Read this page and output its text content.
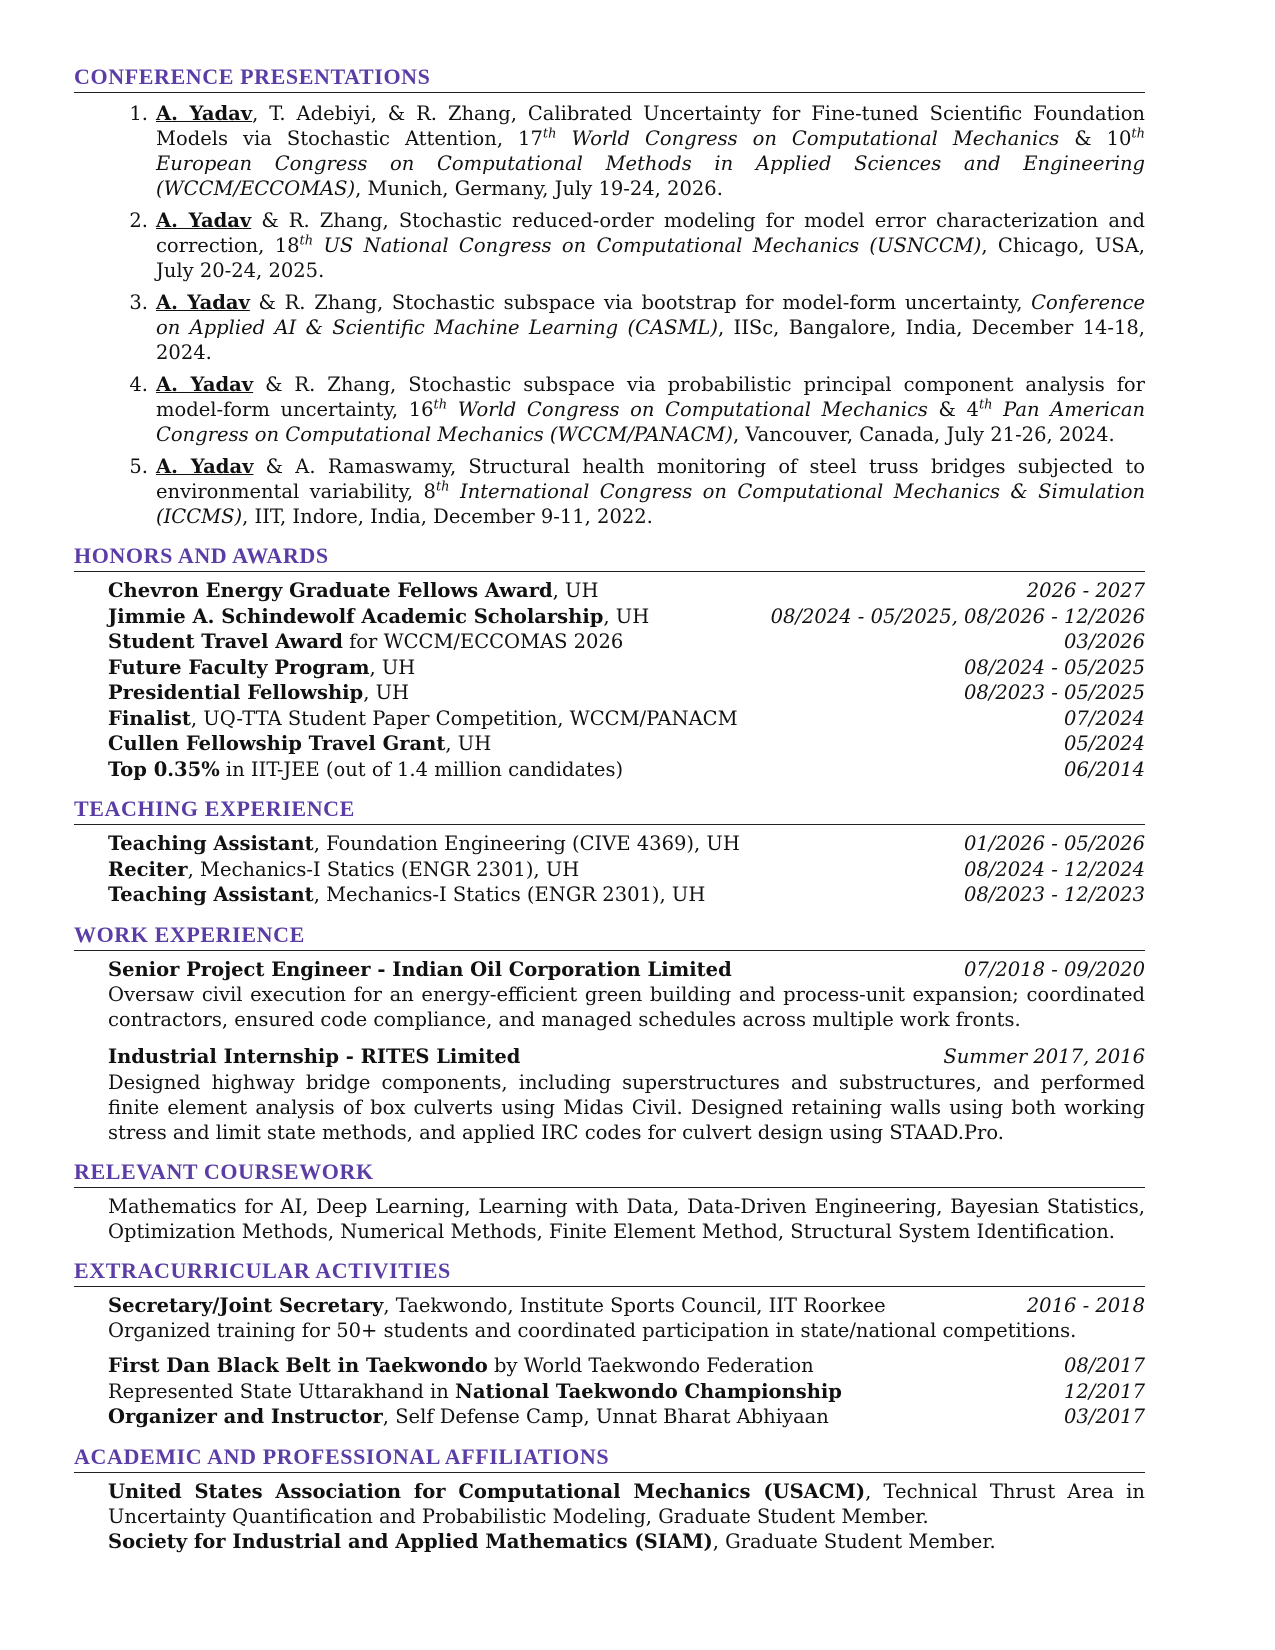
CONFERENCE PRESENTATIONS
1. A. Yadav, T. Adebiyi, & R. Zhang, Calibrated Uncertainty for Fine-tuned Scientific Foundation Models via Stochastic Attention, 17th World Congress on Computational Mechanics & 10th European Congress on Computational Methods in Applied Sciences and Engineering (WCCM/ECCOMAS), Munich, Germany, July 19-24, 2026.
2. A. Yadav & R. Zhang, Stochastic reduced-order modeling for model error characterization and correction, 18th US National Congress on Computational Mechanics (USNCCM), Chicago, USA, July 20-24, 2025.
3. A. Yadav & R. Zhang, Stochastic subspace via bootstrap for model-form uncertainty, Conference on Applied AI & Scientific Machine Learning (CASML), IISc, Bangalore, India, December 14-18, 2024.
4. A. Yadav & R. Zhang, Stochastic subspace via probabilistic principal component analysis for model-form uncertainty, 16th World Congress on Computational Mechanics & 4th Pan American Congress on Computational Mechanics (WCCM/PANACM), Vancouver, Canada, July 21-26, 2024.
5. A. Yadav & A. Ramaswamy, Structural health monitoring of steel truss bridges subjected to environmental variability, 8th International Congress on Computational Mechanics & Simulation (ICCMS), IIT, Indore, India, December 9-11, 2022.
HONORS AND AWARDS
Chevron Energy Graduate Fellows Award, UH	2026 - 2027
Jimmie A. Schindewolf Academic Scholarship, UH	08/2024 - 05/2025, 08/2026 - 12/2026
Student Travel Award for WCCM/ECCOMAS 2026	03/2026
Future Faculty Program, UH	08/2024 - 05/2025
Presidential Fellowship, UH	08/2023 - 05/2025
Finalist, UQ-TTA Student Paper Competition, WCCM/PANACM	07/2024
Cullen Fellowship Travel Grant, UH	05/2024
Top 0.35% in IIT-JEE (out of 1.4 million candidates)	06/2014
TEACHING EXPERIENCE
Teaching Assistant, Foundation Engineering (CIVE 4369), UH	01/2026 - 05/2026
Reciter, Mechanics-I Statics (ENGR 2301), UH	08/2024 - 12/2024
Teaching Assistant, Mechanics-I Statics (ENGR 2301), UH	08/2023 - 12/2023
WORK EXPERIENCE
Senior Project Engineer - Indian Oil Corporation Limited	07/2018 - 09/2020
Oversaw civil execution for an energy-efficient green building and process-unit expansion; coordinated contractors, ensured code compliance, and managed schedules across multiple work fronts.
Industrial Internship - RITES Limited	Summer 2017, 2016
Designed highway bridge components, including superstructures and substructures, and performed finite element analysis of box culverts using Midas Civil. Designed retaining walls using both working stress and limit state methods, and applied IRC codes for culvert design using STAAD.Pro.
RELEVANT COURSEWORK
Mathematics for AI, Deep Learning, Learning with Data, Data-Driven Engineering, Bayesian Statistics, Optimization Methods, Numerical Methods, Finite Element Method, Structural System Identification.
EXTRACURRICULAR ACTIVITIES
Secretary/Joint Secretary, Taekwondo, Institute Sports Council, IIT Roorkee	2016 - 2018
Organized training for 50+ students and coordinated participation in state/national competitions.
First Dan Black Belt in Taekwondo by World Taekwondo Federation	08/2017
Represented State Uttarakhand in National Taekwondo Championship	12/2017
Organizer and Instructor, Self Defense Camp, Unnat Bharat Abhiyaan	03/2017
ACADEMIC AND PROFESSIONAL AFFILIATIONS
United States Association for Computational Mechanics (USACM), Technical Thrust Area in Uncertainty Quantification and Probabilistic Modeling, Graduate Student Member.
Society for Industrial and Applied Mathematics (SIAM), Graduate Student Member.
